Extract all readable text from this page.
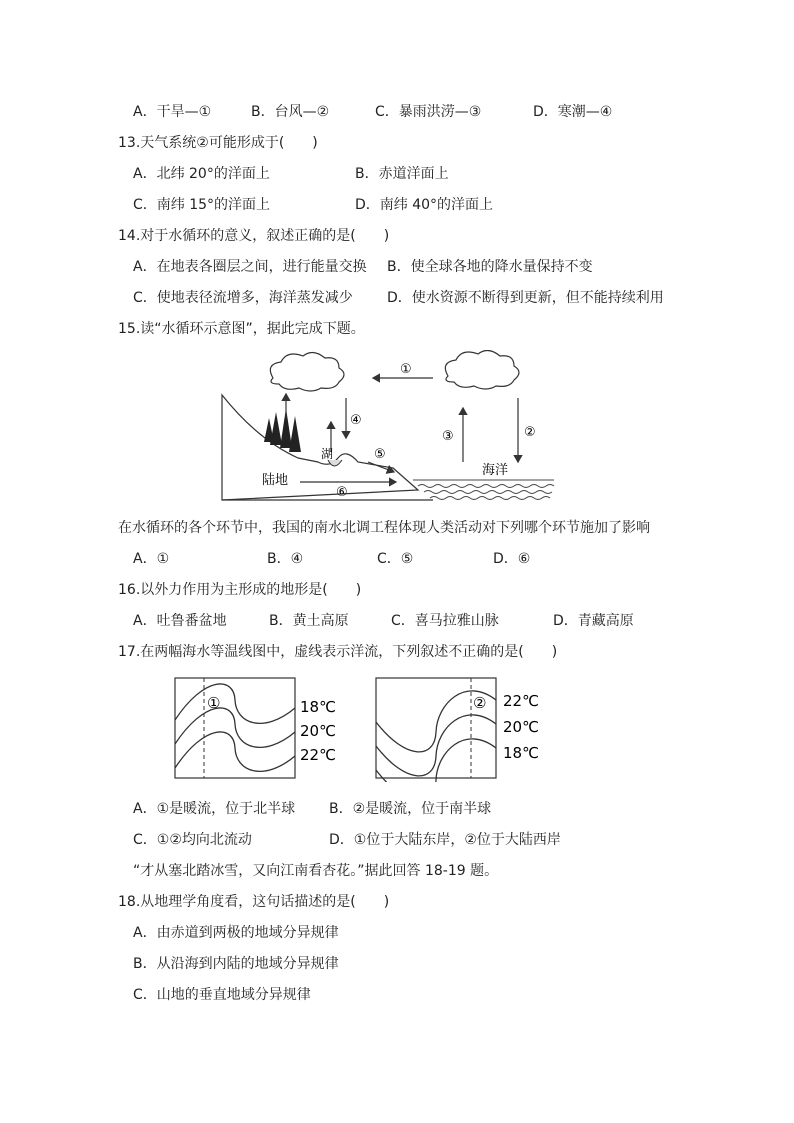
A．干旱—①	B．台风—②	C．暴雨洪涝—③	D．寒潮—④
13.天气系统②可能形成于(　　)
A．北纬 20°的洋面上	B．赤道洋面上
C．南纬 15°的洋面上	D．南纬 40°的洋面上
14.对于水循环的意义，叙述正确的是(　　)
A．在地表各圈层之间，进行能量交换 B．使全球各地的降水量保持不变
C．使地表径流增多，海洋蒸发减少 D．使水资源不断得到更新，但不能持续利用
15.读“水循环示意图”，据此完成下题。
①
②
③
④
⑤
⑥
湖
陆地
海洋
在水循环的各个环节中，我国的南水北调工程体现人类活动对下列哪个环节施加了影响
A．①	B．④	C．⑤	D．⑥
16.以外力作用为主形成的地形是(　　)
A．吐鲁番盆地	B．黄土高原	C．喜马拉雅山脉	D．青藏高原
17.在两幅海水等温线图中，虚线表示洋流，下列叙述不正确的是(　　)
①	18℃
20℃
22℃
② 22℃
20℃
18℃
A．①是暖流，位于北半球 B．②是暖流，位于南半球
C．①②均向北流动	D．①位于大陆东岸，②位于大陆西岸
“才从塞北踏冰雪，又向江南看杏花。”据此回答 18-19 题。
18.从地理学角度看，这句话描述的是(　　)
A．由赤道到两极的地域分异规律
B．从沿海到内陆的地域分异规律
C．山地的垂直地域分异规律
